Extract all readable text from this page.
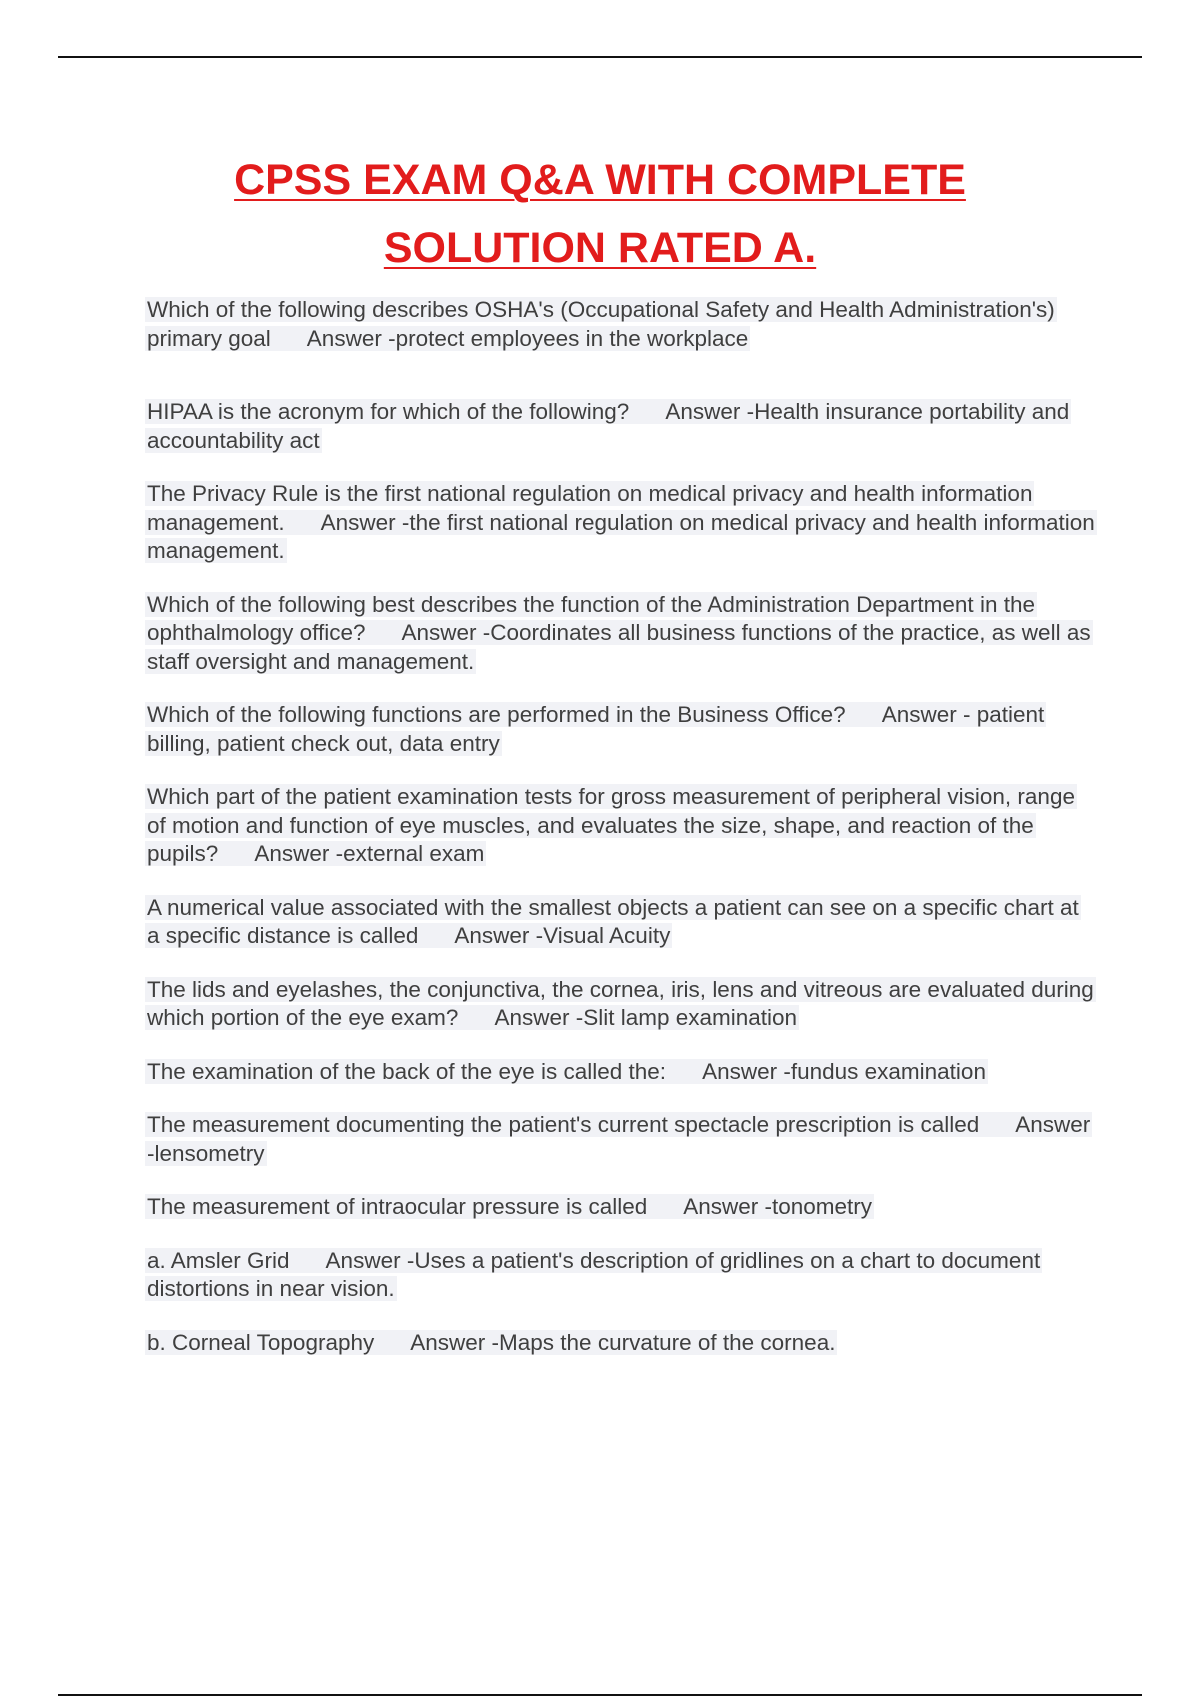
CPSS EXAM Q&A WITH COMPLETE
SOLUTION RATED A.

Which of the following describes OSHA's (Occupational Safety and Health Administration's) primary goal Answer -protect employees in the workplace

HIPAA is the acronym for which of the following? Answer -Health insurance portability and accountability act

The Privacy Rule is the first national regulation on medical privacy and health information management. Answer -the first national regulation on medical privacy and health information management.

Which of the following best describes the function of the Administration Department in the ophthalmology office? Answer -Coordinates all business functions of the practice, as well as staff oversight and management.

Which of the following functions are performed in the Business Office? Answer - patient billing, patient check out, data entry

Which part of the patient examination tests for gross measurement of peripheral vision, range of motion and function of eye muscles, and evaluates the size, shape, and reaction of the pupils? Answer -external exam

A numerical value associated with the smallest objects a patient can see on a specific chart at a specific distance is called Answer -Visual Acuity

The lids and eyelashes, the conjunctiva, the cornea, iris, lens and vitreous are evaluated during which portion of the eye exam? Answer -Slit lamp examination

The examination of the back of the eye is called the: Answer -fundus examination

The measurement documenting the patient's current spectacle prescription is called Answer -lensometry

The measurement of intraocular pressure is called Answer -tonometry

a. Amsler Grid Answer -Uses a patient's description of gridlines on a chart to document distortions in near vision.

b. Corneal Topography Answer -Maps the curvature of the cornea.
